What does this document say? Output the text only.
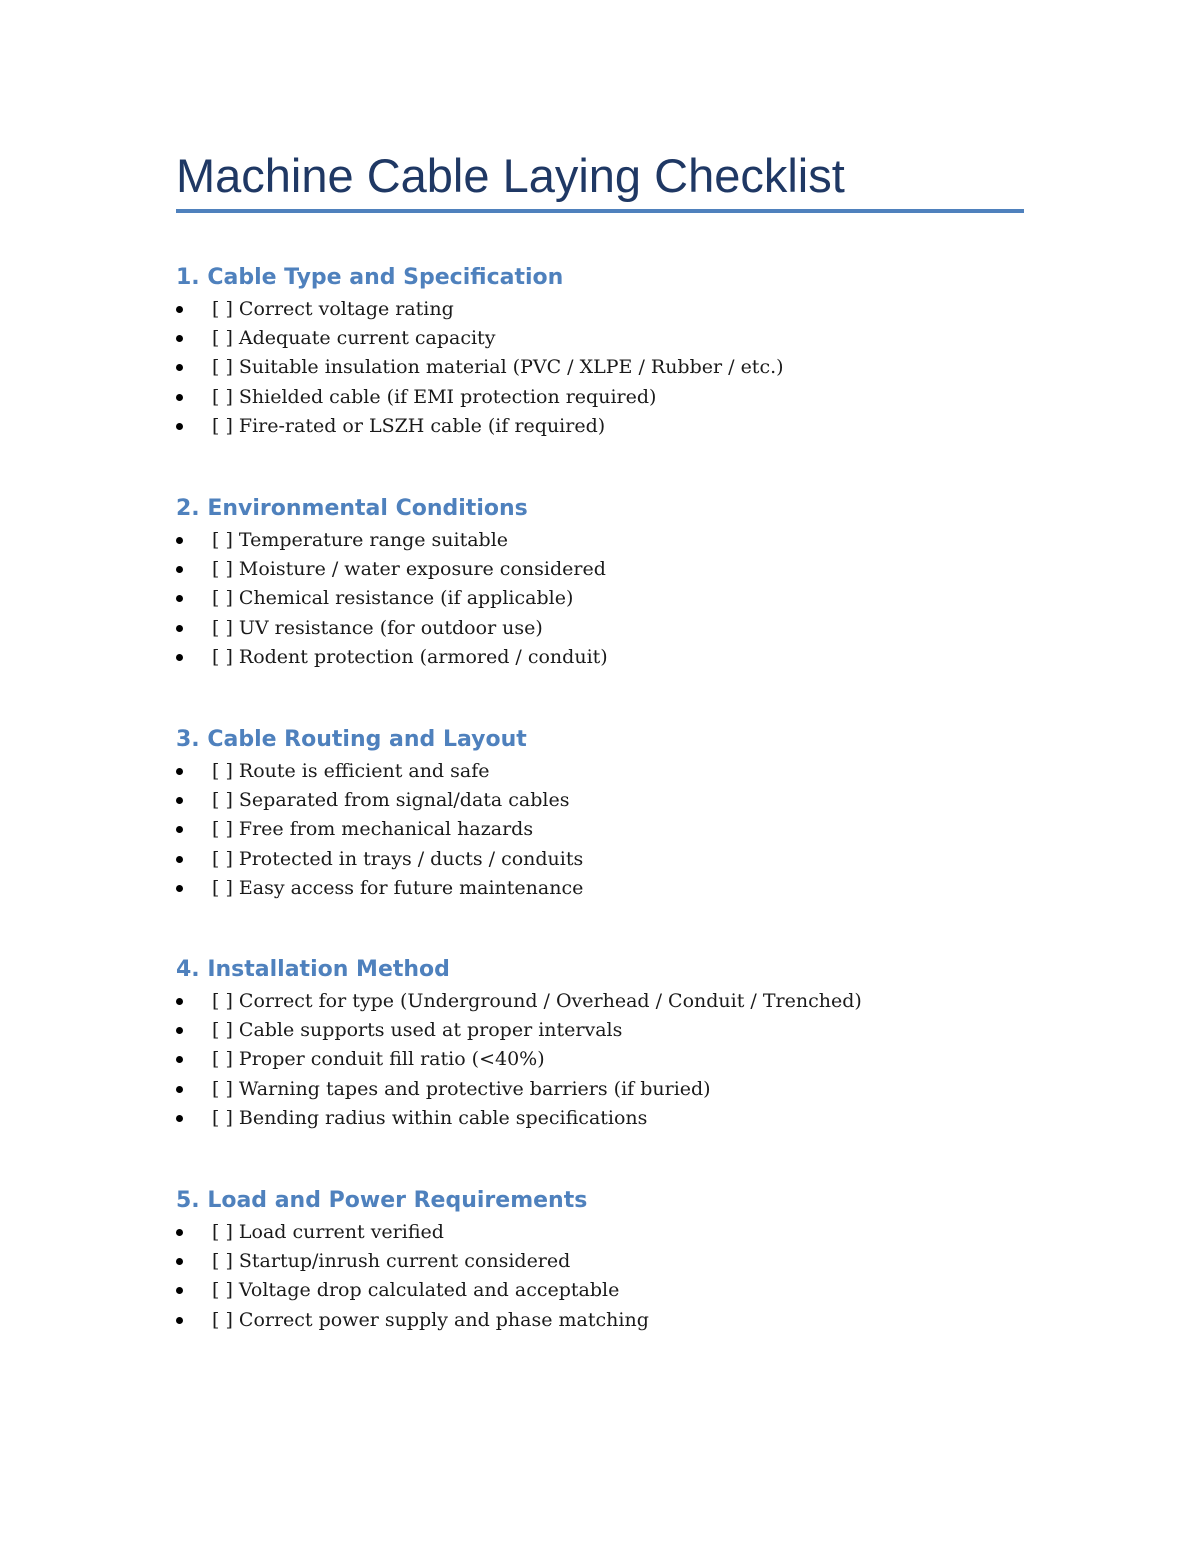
Machine Cable Laying Checklist
1. Cable Type and Specification
[ ] Correct voltage rating
[ ] Adequate current capacity
[ ] Suitable insulation material (PVC / XLPE / Rubber / etc.)
[ ] Shielded cable (if EMI protection required)
[ ] Fire-rated or LSZH cable (if required)
2. Environmental Conditions
[ ] Temperature range suitable
[ ] Moisture / water exposure considered
[ ] Chemical resistance (if applicable)
[ ] UV resistance (for outdoor use)
[ ] Rodent protection (armored / conduit)
3. Cable Routing and Layout
[ ] Route is efficient and safe
[ ] Separated from signal/data cables
[ ] Free from mechanical hazards
[ ] Protected in trays / ducts / conduits
[ ] Easy access for future maintenance
4. Installation Method
[ ] Correct for type (Underground / Overhead / Conduit / Trenched)
[ ] Cable supports used at proper intervals
[ ] Proper conduit fill ratio (<40%)
[ ] Warning tapes and protective barriers (if buried)
[ ] Bending radius within cable specifications
5. Load and Power Requirements
[ ] Load current verified
[ ] Startup/inrush current considered
[ ] Voltage drop calculated and acceptable
[ ] Correct power supply and phase matching
